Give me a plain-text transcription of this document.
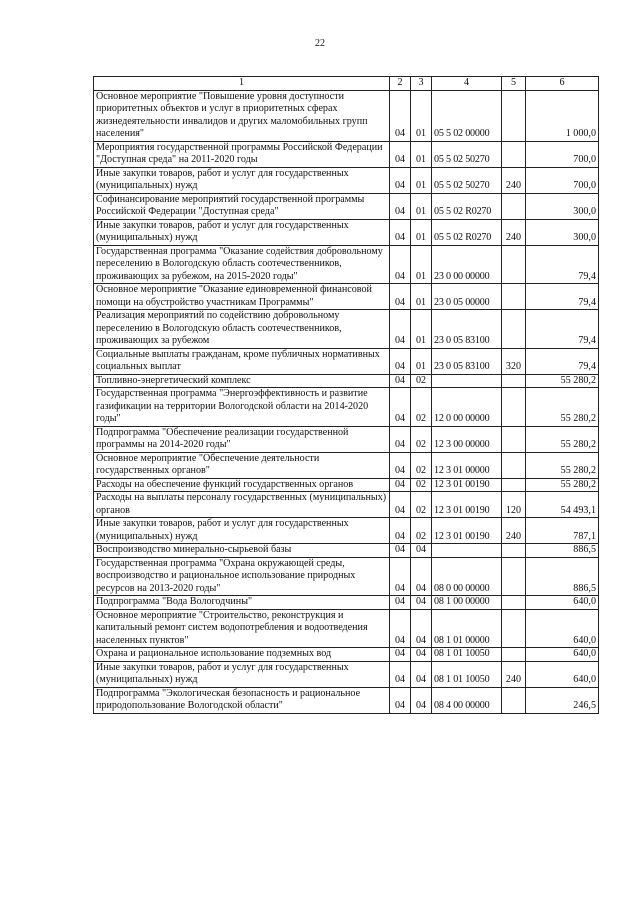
22
1	2	3	4	5	6
Основное мероприятие "Повышение уровня доступности приоритетных объектов и услуг в приоритетных сферах жизнедеятельности инвалидов и других маломобильных групп населения"	04	01	05 5 02 00000		1 000,0
Мероприятия государственной программы Российской Федерации "Доступная среда" на 2011-2020 годы	04	01	05 5 02 50270		700,0
Иные закупки товаров, работ и услуг для государственных (муниципальных) нужд	04	01	05 5 02 50270	240	700,0
Софинансирование мероприятий государственной программы Российской Федерации "Доступная среда"	04	01	05 5 02 R0270		300,0
Иные закупки товаров, работ и услуг для государственных (муниципальных) нужд	04	01	05 5 02 R0270	240	300,0
Государственная программа "Оказание содействия добровольному переселению в Вологодскую область соотечественников, проживающих за рубежом, на 2015-2020 годы"	04	01	23 0 00 00000		79,4
Основное мероприятие "Оказание единовременной финансовой помощи на обустройство участникам Программы"	04	01	23 0 05 00000		79,4
Реализация мероприятий по содействию добровольному переселению в Вологодскую область соотечественников, проживающих за рубежом	04	01	23 0 05 83100		79,4
Социальные выплаты гражданам, кроме публичных нормативных социальных выплат	04	01	23 0 05 83100	320	79,4
Топливно-энергетический комплекс	04	02			55 280,2
Государственная программа "Энергоэффективность и развитие газификации на территории Вологодской области на 2014-2020 годы"	04	02	12 0 00 00000		55 280,2
Подпрограмма "Обеспечение реализации государственной программы на 2014-2020 годы"	04	02	12 3 00 00000		55 280,2
Основное мероприятие "Обеспечение деятельности государственных органов"	04	02	12 3 01 00000		55 280,2
Расходы на обеспечение функций государственных органов	04	02	12 3 01 00190		55 280,2
Расходы на выплаты персоналу государственных (муниципальных) органов	04	02	12 3 01 00190	120	54 493,1
Иные закупки товаров, работ и услуг для государственных (муниципальных) нужд	04	02	12 3 01 00190	240	787,1
Воспроизводство минерально-сырьевой базы	04	04			886,5
Государственная программа "Охрана окружающей среды, воспроизводство и рациональное использование природных ресурсов на 2013-2020 годы"	04	04	08 0 00 00000		886,5
Подпрограмма "Вода Вологодчины"	04	04	08 1 00 00000		640,0
Основное мероприятие "Строительство, реконструкция и капитальный ремонт систем водопотребления и водоотведения населенных пунктов"	04	04	08 1 01 00000		640,0
Охрана и рациональное использование подземных вод	04	04	08 1 01 10050		640,0
Иные закупки товаров, работ и услуг для государственных (муниципальных) нужд	04	04	08 1 01 10050	240	640,0
Подпрограмма "Экологическая безопасность и рациональное природопользование Вологодской области"	04	04	08 4 00 00000		246,5
